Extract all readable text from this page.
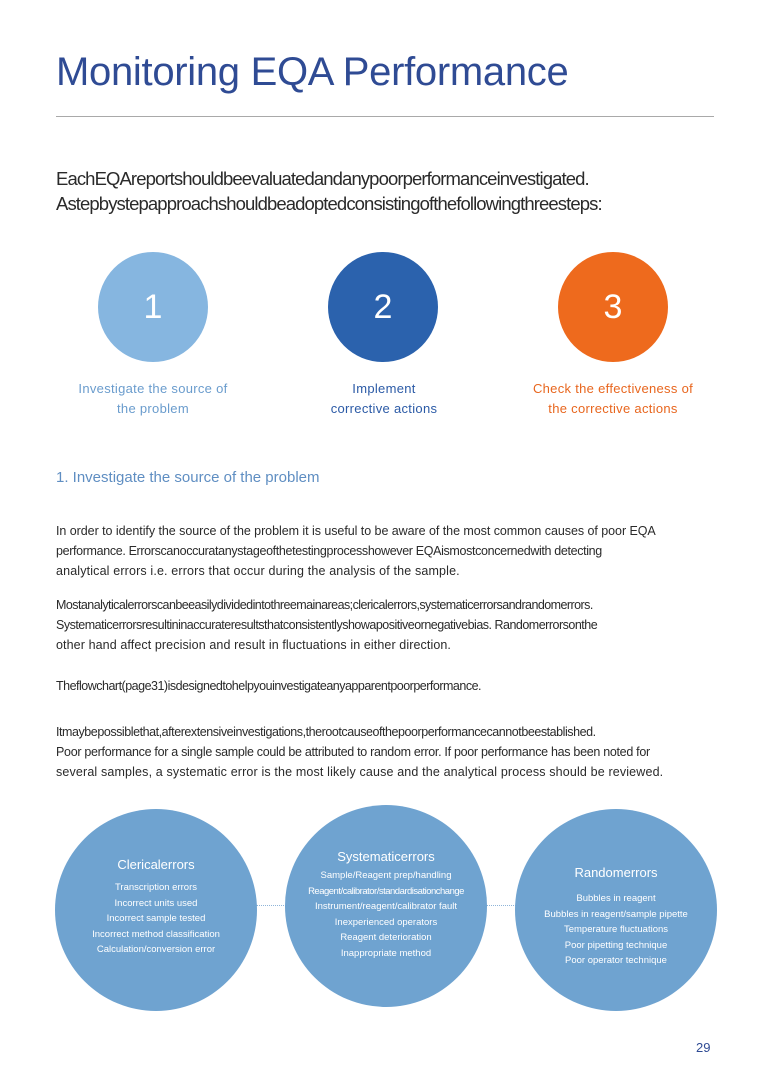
Monitoring EQA Performance
EachEQAreportshouldbeevaluatedandanypoorperformanceinvestigated.
Astepbystepapproachshouldbeadoptedconsistingofthefollowingthreesteps:
1
Investigate the source of
the problem
2
Implement
corrective actions
3
Check the effectiveness of
the corrective actions
1. Investigate the source of the problem

In order to identify the source of the problem it is useful to be aware of the most common causes of poor EQA
performance. Errorscanoccuratanystageofthetestingprocesshowever EQAismostconcernedwith detecting
analytical errors i.e. errors that occur during the analysis of the sample.

Mostanalyticalerrorscanbeeasilydividedintothreemainareas;clericalerrors,systematicerrorsandrandomerrors.
Systematicerrorsresultininaccurateresultsthatconsistentlyshowapositiveornegativebias. Randomerrorsonthe
other hand affect precision and result in fluctuations in either direction.

Theflowchart(page31)isdesignedtohelpyouinvestigateanyapparentpoorperformance.

Itmaybepossiblethat,afterextensiveinvestigations,therootcauseofthepoorperformancecannotbeestablished.
Poor performance for a single sample could be attributed to random error. If poor performance has been noted for
several samples, a systematic error is the most likely cause and the analytical process should be reviewed.

Clericalerrors
Transcription errors
Incorrect units used
Incorrect sample tested
Incorrect method classification
Calculation/conversion error
Systematicerrors
Sample/Reagent prep/handling
Reagent/calibrator/standardisationchange
Instrument/reagent/calibrator fault
Inexperienced operators
Reagent deterioration
Inappropriate method
Randomerrors
Bubbles in reagent
Bubbles in reagent/sample pipette
Temperature fluctuations
Poor pipetting technique
Poor operator technique
29
